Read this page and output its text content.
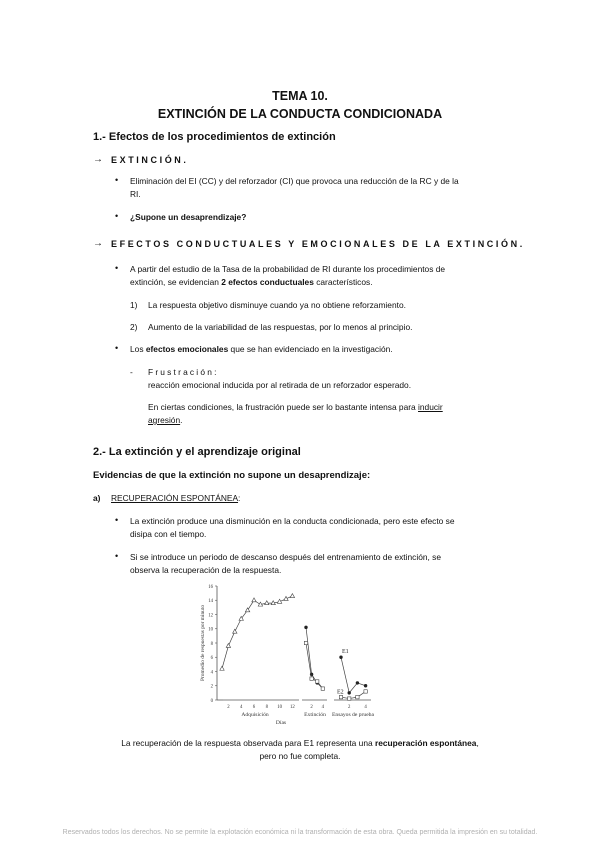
TEMA 10.
EXTINCIÓN DE LA CONDUCTA CONDICIONADA
1.- Efectos de los procedimientos de extinción
→ EXTINCIÓN.
• Eliminación del EI (CC) y del reforzador (CI) que provoca una reducción de la RC y de la
RI.
• ¿Supone un desaprendizaje?
→ EFECTOS CONDUCTUALES Y EMOCIONALES DE LA EXTINCIÓN.
• A partir del estudio de la Tasa de la probabilidad de RI durante los procedimientos de
extinción, se evidencian 2 efectos conductuales característicos.
1) La respuesta objetivo disminuye cuando ya no obtiene reforzamiento.
2) Aumento de la variabilidad de las respuestas, por lo menos al principio.
• Los efectos emocionales que se han evidenciado en la investigación.
- Frustración:
reacción emocional inducida por al retirada de un reforzador esperado.
En ciertas condiciones, la frustración puede ser lo bastante intensa para inducir
agresión.
2.- La extinción y el aprendizaje original
Evidencias de que la extinción no supone un desaprendizaje:
a) RECUPERACIÓN ESPONTÁNEA:
• La extinción produce una disminución en la conducta condicionada, pero este efecto se
disipa con el tiempo.
• Si se introduce un periodo de descanso después del entrenamiento de extinción, se
observa la recuperación de la respuesta.
0
2
4
6
8
10
12
14
16
2 4 6 8 10 12	2 4	2	4
Adquisición	Extinción Ensayos de prueba
Días
Promedio de respuestas por minuto	E1
E2
La recuperación de la respuesta observada para E1 representa una recuperación espontánea,
pero no fue completa.
Reservados todos los derechos. No se permite la explotación económica ni la transformación de esta obra. Queda permitida la impresión en su totalidad.
